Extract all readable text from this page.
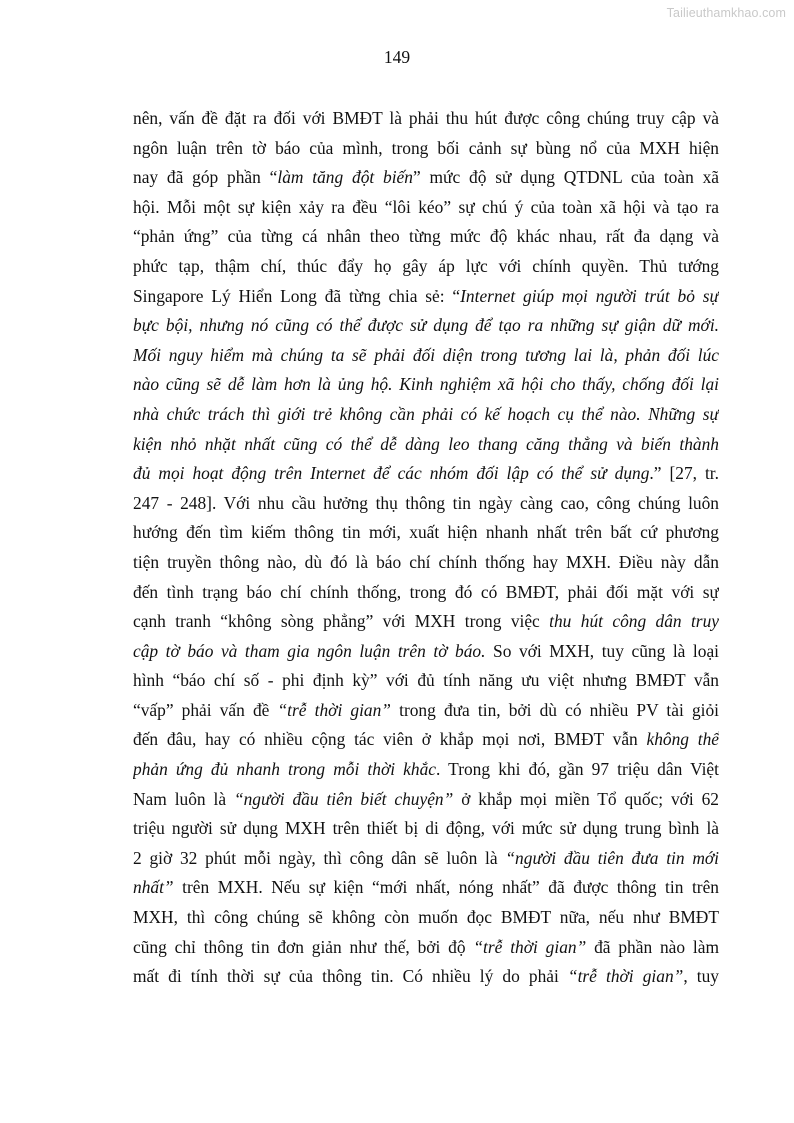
Tailieuthamkhao.com
149
nên, vấn đề đặt ra đối với BMĐT là phải thu hút được công chúng truy cập và
ngôn luận trên tờ báo của mình, trong bối cảnh sự bùng nổ của MXH hiện
nay đã góp phần “làm tăng đột biến” mức độ sử dụng QTDNL của toàn xã
hội. Mỗi một sự kiện xảy ra đều “lôi kéo” sự chú ý của toàn xã hội và tạo ra
“phản ứng” của từng cá nhân theo từng mức độ khác nhau, rất đa dạng và
phức tạp, thậm chí, thúc đẩy họ gây áp lực với chính quyền. Thủ tướng
Singapore Lý Hiển Long đã từng chia sẻ: “Internet giúp mọi người trút bỏ sự
bực bội, nhưng nó cũng có thể được sử dụng để tạo ra những sự giận dữ mới.
Mối nguy hiểm mà chúng ta sẽ phải đối diện trong tương lai là, phản đối lúc
nào cũng sẽ dễ làm hơn là ủng hộ. Kinh nghiệm xã hội cho thấy, chống đối lại
nhà chức trách thì giới trẻ không cần phải có kế hoạch cụ thể nào. Những sự
kiện nhỏ nhặt nhất cũng có thể dễ dàng leo thang căng thẳng và biến thành
đủ mọi hoạt động trên Internet để các nhóm đối lập có thể sử dụng.” [27, tr.
247 - 248]. Với nhu cầu hưởng thụ thông tin ngày càng cao, công chúng luôn
hướng đến tìm kiếm thông tin mới, xuất hiện nhanh nhất trên bất cứ phương
tiện truyền thông nào, dù đó là báo chí chính thống hay MXH. Điều này dẫn
đến tình trạng báo chí chính thống, trong đó có BMĐT, phải đối mặt với sự
cạnh tranh “không sòng phẳng” với MXH trong việc thu hút công dân truy
cập tờ báo và tham gia ngôn luận trên tờ báo. So với MXH, tuy cũng là loại
hình “báo chí số - phi định kỳ” với đủ tính năng ưu việt nhưng BMĐT vẫn
“vấp” phải vấn đề “trễ thời gian” trong đưa tin, bởi dù có nhiều PV tài giỏi
đến đâu, hay có nhiều cộng tác viên ở khắp mọi nơi, BMĐT vẫn không thể
phản ứng đủ nhanh trong mỗi thời khắc. Trong khi đó, gần 97 triệu dân Việt
Nam luôn là “người đầu tiên biết chuyện” ở khắp mọi miền Tổ quốc; với 62
triệu người sử dụng MXH trên thiết bị di động, với mức sử dụng trung bình là
2 giờ 32 phút mỗi ngày, thì công dân sẽ luôn là “người đầu tiên đưa tin mới
nhất” trên MXH. Nếu sự kiện “mới nhất, nóng nhất” đã được thông tin trên
MXH, thì công chúng sẽ không còn muốn đọc BMĐT nữa, nếu như BMĐT
cũng chỉ thông tin đơn giản như thế, bởi độ “trễ thời gian” đã phần nào làm
mất đi tính thời sự của thông tin. Có nhiều lý do phải “trễ thời gian”, tuy
